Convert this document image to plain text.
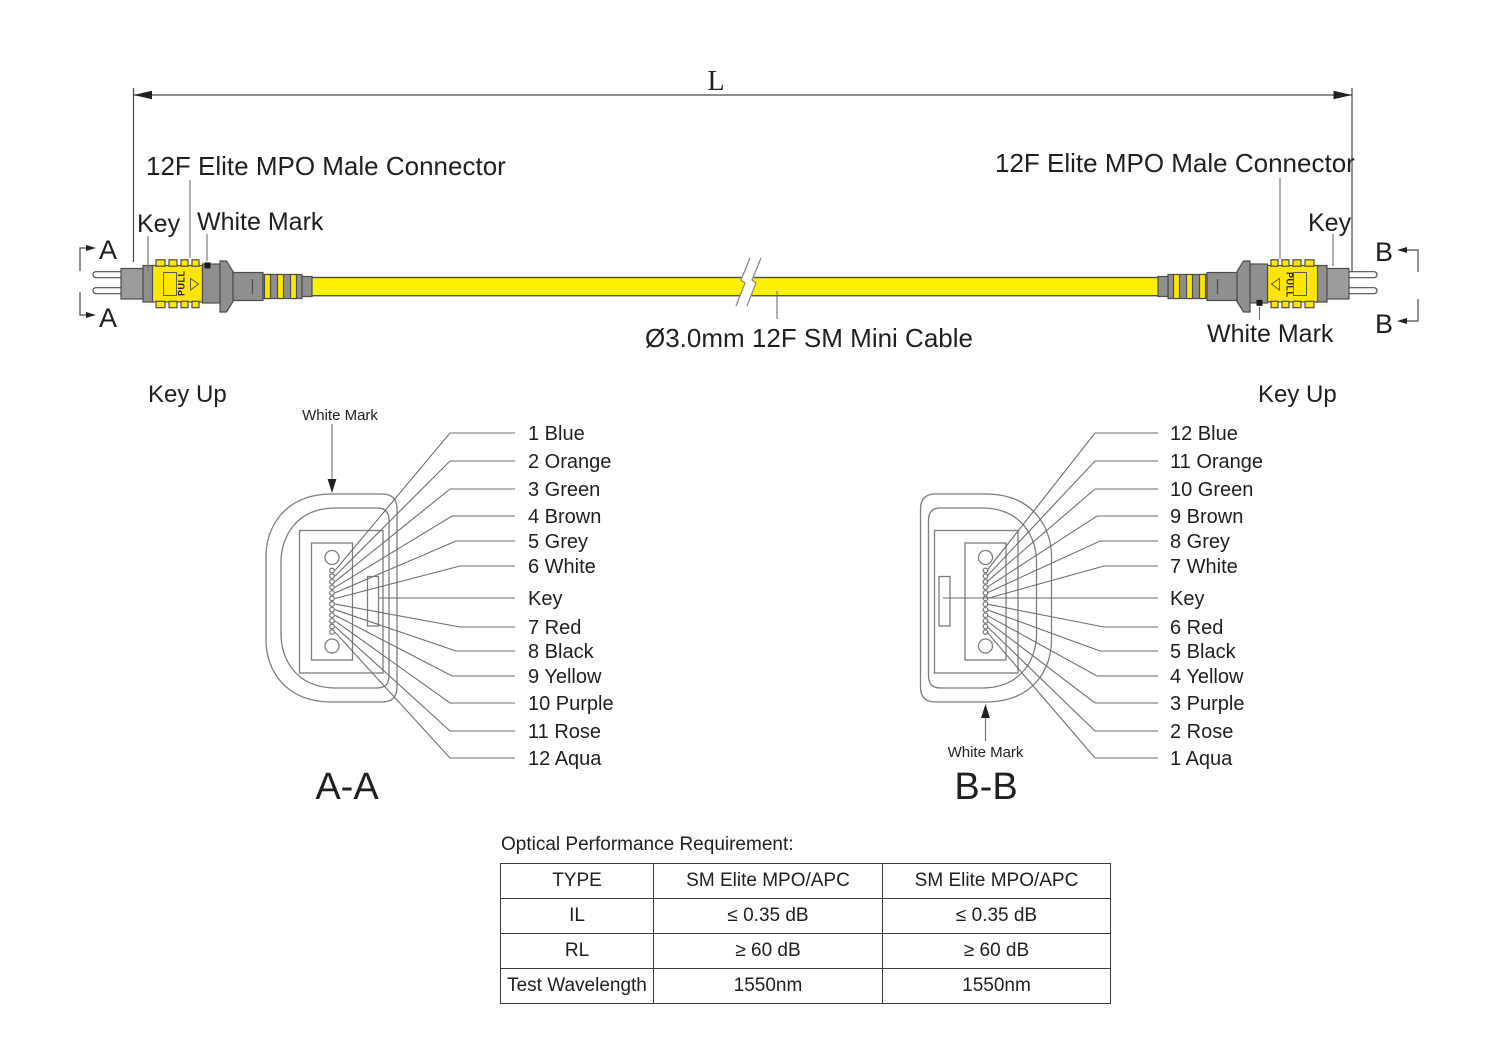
L
PULL	PULL
12F Elite MPO Male Connector
Key White Mark
12F Elite MPO Male Connector
Key
White Mark
Ø3.0mm 12F SM Mini Cable
A
A
B
B
Key Up
White Mark
A-A
1 Blue
2 Orange
3 Green
4 Brown
5 Grey
6 White
Key
7 Red
8 Black
9 Yellow
10 Purple
11 Rose
12 Aqua
Key Up
White Mark
B-B
12 Blue
11 Orange
10 Green
9 Brown
8 Grey
7 White
Key
6 Red
5 Black
4 Yellow
3 Purple
2 Rose
1 Aqua
Optical Performance Requirement:
TYPE	SM Elite MPO/APC	SM Elite MPO/APC
IL	≤ 0.35 dB	≤ 0.35 dB
RL	≥ 60 dB	≥ 60 dB
Test Wavelength	1550nm	1550nm
